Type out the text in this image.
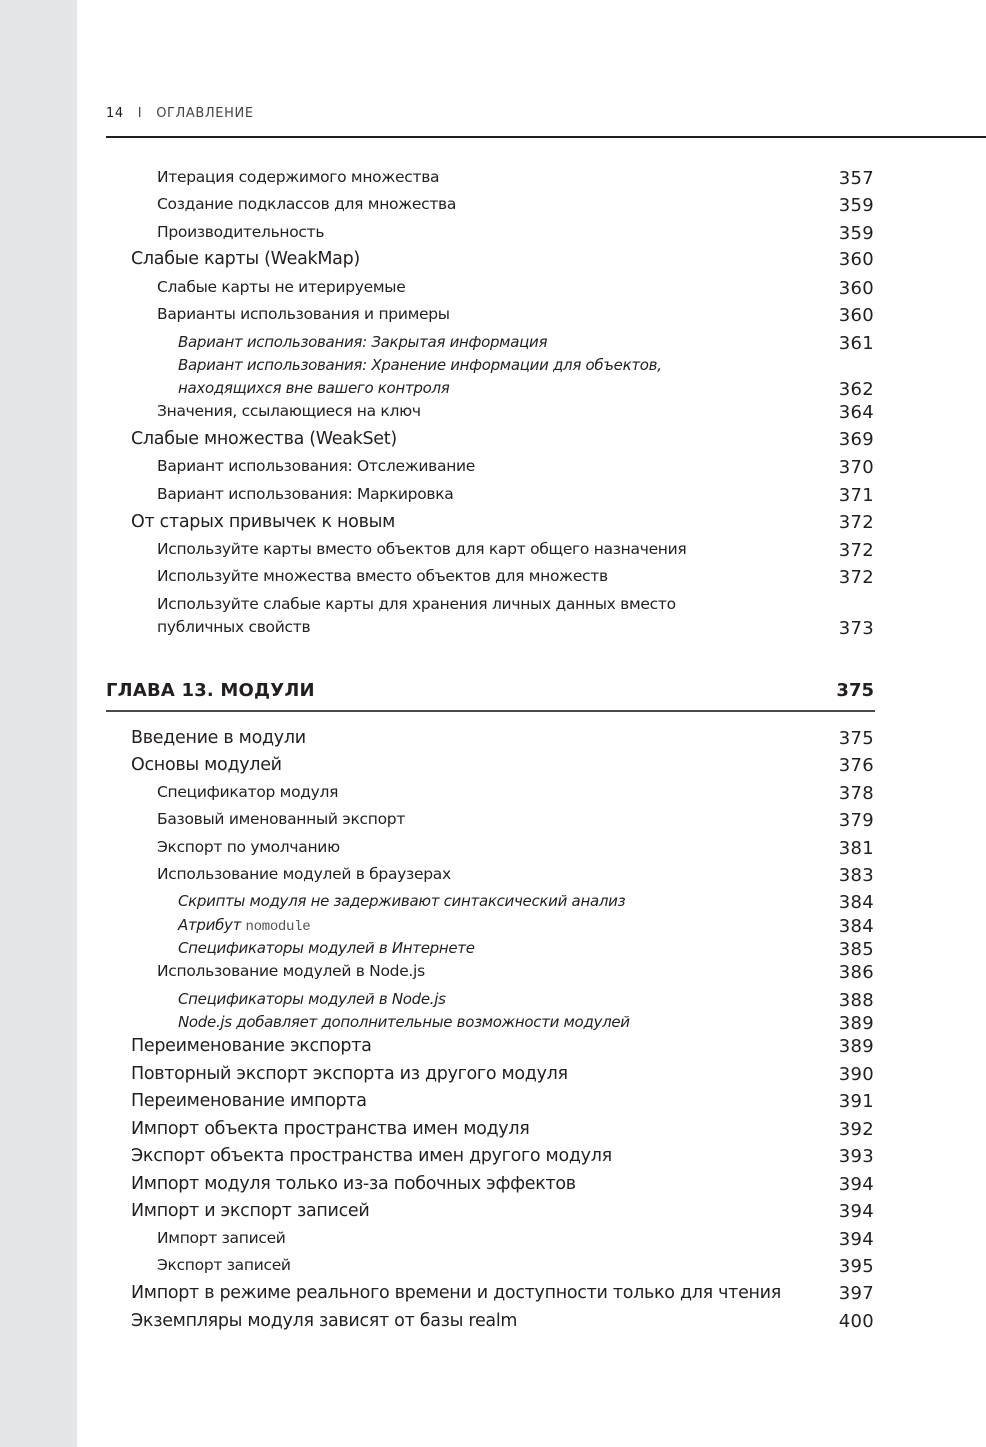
14 I ОГЛАВЛЕНИЕ
Итерация содержимого множества	357
Создание подклассов для множества	359
Производительность	359
Слабые карты (WeakMap)	360
Слабые карты не итерируемые	360
Варианты использования и примеры	360
Вариант использования: Закрытая информация	361
Вариант использования: Хранение информации для объектов,
находящихся вне вашего контроля	362
Значения, ссылающиеся на ключ	364
Слабые множества (WeakSet)	369
Вариант использования: Отслеживание	370
Вариант использования: Маркировка	371
От старых привычек к новым	372
Используйте карты вместо объектов для карт общего назначения	372
Используйте множества вместо объектов для множеств	372
Используйте слабые карты для хранения личных данных вместо
публичных свойств	373
ГЛАВА 13. МОДУЛИ	375
Введение в модули	375
Основы модулей	376
Спецификатор модуля	378
Базовый именованный экспорт	379
Экспорт по умолчанию	381
Использование модулей в браузерах	383
Скрипты модуля не задерживают синтаксический анализ	384
Атрибут nomodule	384
Спецификаторы модулей в Интернете	385
Использование модулей в Node.js	386
Спецификаторы модулей в Node.js	388
Node.js добавляет дополнительные возможности модулей	389
Переименование экспорта	389
Повторный экспорт экспорта из другого модуля	390
Переименование импорта	391
Импорт объекта пространства имен модуля	392
Экспорт объекта пространства имен другого модуля	393
Импорт модуля только из-за побочных эффектов	394
Импорт и экспорт записей	394
Импорт записей	394
Экспорт записей	395
Импорт в режиме реального времени и доступности только для чтения	397
Экземпляры модуля зависят от базы realm	400
